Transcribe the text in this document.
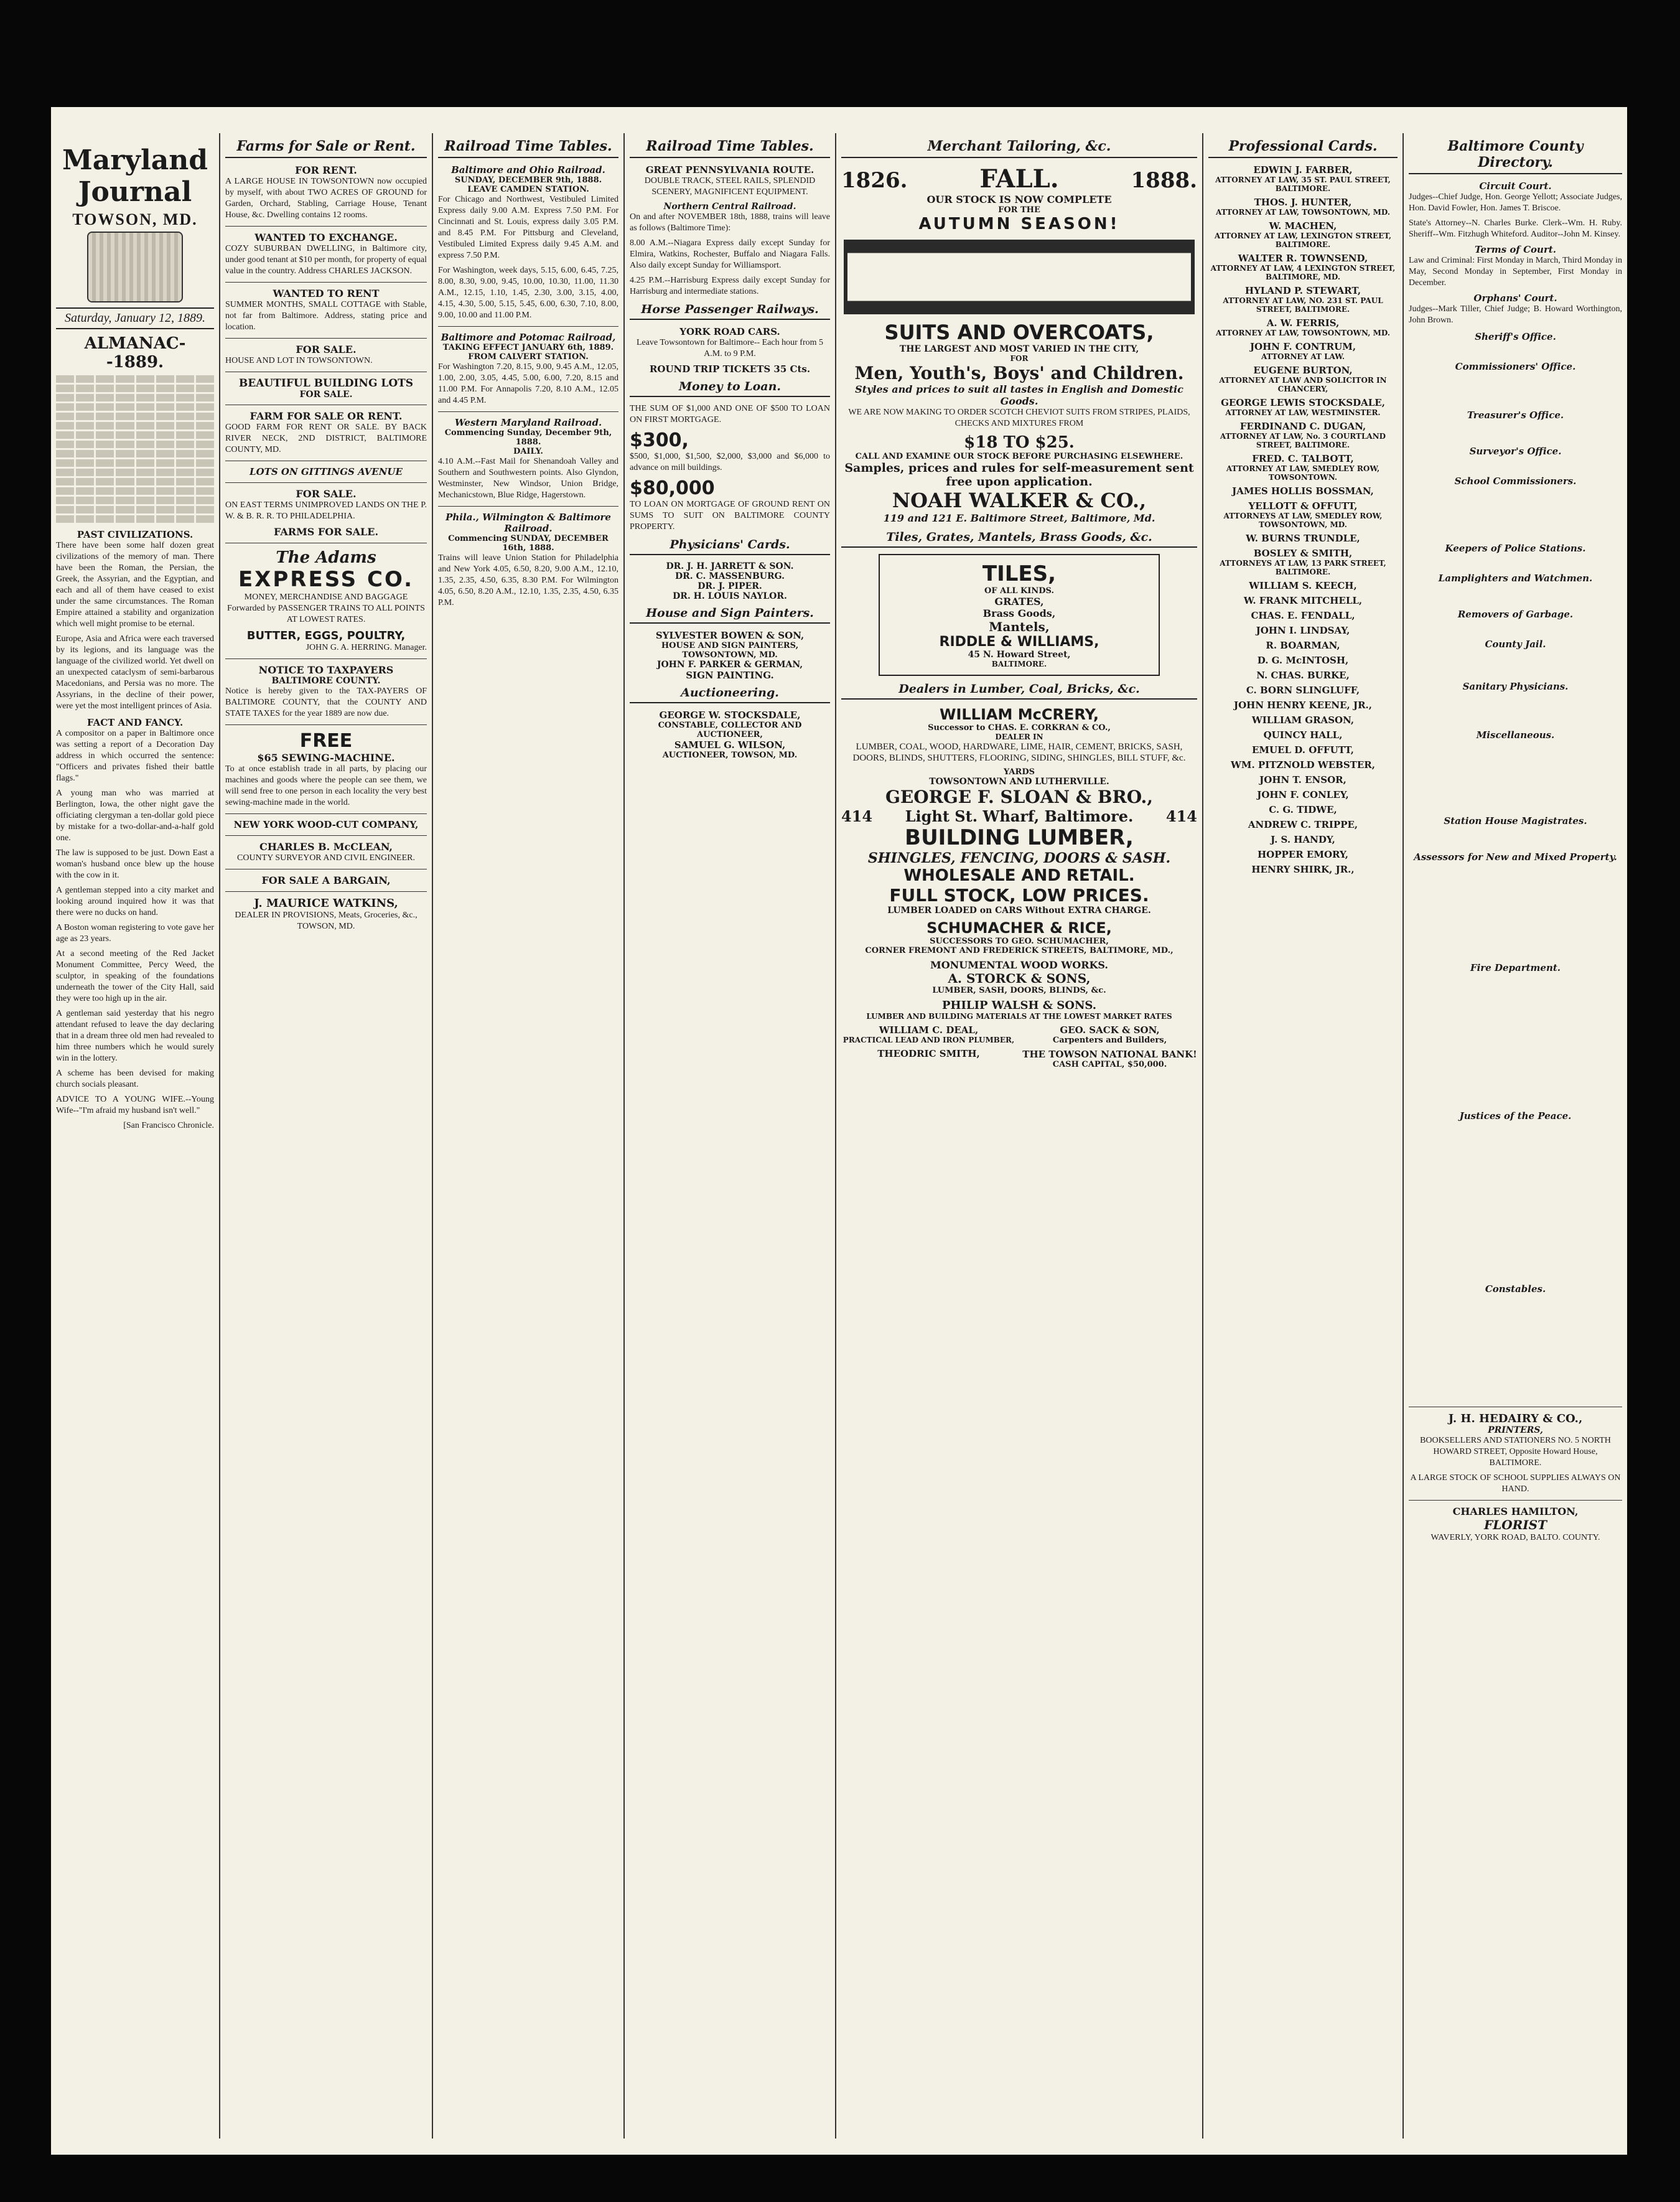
Maryland Journal
TOWSON, MD.
Saturday, January 12, 1889.
ALMANAC--1889.
PAST CIVILIZATIONS.

There have been some half dozen great civilizations of the memory of man. There have been the Roman, the Persian, the Greek, the Assyrian, and the Egyptian, and each and all of them have ceased to exist under the same circumstances. The Roman Empire attained a stability and organization which well might promise to be eternal.

Europe, Asia and Africa were each traversed by its legions, and its language was the language of the civilized world. Yet dwell on an unexpected cataclysm of semi-barbarous Macedonians, and Persia was no more. The Assyrians, in the decline of their power, were yet the most intelligent princes of Asia.

FACT AND FANCY.

A compositor on a paper in Baltimore once was setting a report of a Decoration Day address in which occurred the sentence: "Officers and privates fished their battle flags."

A young man who was married at Berlington, Iowa, the other night gave the officiating clergyman a ten-dollar gold piece by mistake for a two-dollar-and-a-half gold one.

The law is supposed to be just. Down East a woman's husband once blew up the house with the cow in it.

A gentleman stepped into a city market and looking around inquired how it was that there were no ducks on hand.

A Boston woman registering to vote gave her age as 23 years.

At a second meeting of the Red Jacket Monument Committee, Percy Weed, the sculptor, in speaking of the foundations underneath the tower of the City Hall, said they were too high up in the air.

A gentleman said yesterday that his negro attendant refused to leave the day declaring that in a dream three old men had revealed to him three numbers which he would surely win in the lottery.

A scheme has been devised for making church socials pleasant.

ADVICE TO A YOUNG WIFE.--Young Wife--"I'm afraid my husband isn't well."

[San Francisco Chronicle.

Farms for Sale or Rent.
FOR RENT.

A LARGE HOUSE IN TOWSONTOWN now occupied by myself, with about TWO ACRES OF GROUND for Garden, Orchard, Stabling, Carriage House, Tenant House, &c. Dwelling contains 12 rooms.

WANTED TO EXCHANGE.

COZY SUBURBAN DWELLING, in Baltimore city, under good tenant at $10 per month, for property of equal value in the country. Address CHARLES JACKSON.

WANTED TO RENT

SUMMER MONTHS, SMALL COTTAGE with Stable, not far from Baltimore. Address, stating price and location.

FOR SALE.

HOUSE AND LOT IN TOWSONTOWN.

BEAUTIFUL BUILDING LOTS
FOR SALE.
FARM FOR SALE OR RENT.

GOOD FARM FOR RENT OR SALE. BY BACK RIVER NECK, 2ND DISTRICT, BALTIMORE COUNTY, MD.

LOTS ON GITTINGS AVENUE
FOR SALE.

ON EAST TERMS UNIMPROVED LANDS ON THE P. W. & B. R. R. TO PHILADELPHIA.

FARMS FOR SALE.
The Adams
EXPRESS CO.

MONEY, MERCHANDISE AND BAGGAGE Forwarded by PASSENGER TRAINS TO ALL POINTS AT LOWEST RATES.

BUTTER, EGGS, POULTRY,

JOHN G. A. HERRING. Manager.

NOTICE TO TAXPAYERS
BALTIMORE COUNTY.

Notice is hereby given to the TAX-PAYERS OF BALTIMORE COUNTY, that the COUNTY AND STATE TAXES for the year 1889 are now due.

FREE
$65 SEWING-MACHINE.

To at once establish trade in all parts, by placing our machines and goods where the people can see them, we will send free to one person in each locality the very best sewing-machine made in the world.

NEW YORK WOOD-CUT COMPANY,
CHARLES B. McCLEAN,

COUNTY SURVEYOR AND CIVIL ENGINEER.

FOR SALE A BARGAIN,
J. MAURICE WATKINS,

DEALER IN PROVISIONS, Meats, Groceries, &c., TOWSON, MD.

Railroad Time Tables.
Baltimore and Ohio Railroad.
SUNDAY, DECEMBER 9th, 1888.
LEAVE CAMDEN STATION.

For Chicago and Northwest, Vestibuled Limited Express daily 9.00 A.M. Express 7.50 P.M. For Cincinnati and St. Louis, express daily 3.05 P.M. and 8.45 P.M. For Pittsburg and Cleveland, Vestibuled Limited Express daily 9.45 A.M. and express 7.50 P.M.

For Washington, week days, 5.15, 6.00, 6.45, 7.25, 8.00, 8.30, 9.00, 9.45, 10.00, 10.30, 11.00, 11.30 A.M., 12.15, 1.10, 1.45, 2.30, 3.00, 3.15, 4.00, 4.15, 4.30, 5.00, 5.15, 5.45, 6.00, 6.30, 7.10, 8.00, 9.00, 10.00 and 11.00 P.M.

Baltimore and Potomac Railroad,
TAKING EFFECT JANUARY 6th, 1889.
FROM CALVERT STATION.

For Washington 7.20, 8.15, 9.00, 9.45 A.M., 12.05, 1.00, 2.00, 3.05, 4.45, 5.00, 6.00, 7.20, 8.15 and 11.00 P.M. For Annapolis 7.20, 8.10 A.M., 12.05 and 4.45 P.M.

Western Maryland Railroad.
Commencing Sunday, December 9th, 1888.
DAILY.

4.10 A.M.--Fast Mail for Shenandoah Valley and Southern and Southwestern points. Also Glyndon, Westminster, New Windsor, Union Bridge, Mechanicstown, Blue Ridge, Hagerstown.

Phila., Wilmington & Baltimore Railroad.
Commencing SUNDAY, DECEMBER 16th, 1888.

Trains will leave Union Station for Philadelphia and New York 4.05, 6.50, 8.20, 9.00 A.M., 12.10, 1.35, 2.35, 4.50, 6.35, 8.30 P.M. For Wilmington 4.05, 6.50, 8.20 A.M., 12.10, 1.35, 2.35, 4.50, 6.35 P.M.

Railroad Time Tables.
GREAT PENNSYLVANIA ROUTE.

DOUBLE TRACK, STEEL RAILS, SPLENDID SCENERY, MAGNIFICENT EQUIPMENT.

Northern Central Railroad.

On and after NOVEMBER 18th, 1888, trains will leave as follows (Baltimore Time):

8.00 A.M.--Niagara Express daily except Sunday for Elmira, Watkins, Rochester, Buffalo and Niagara Falls. Also daily except Sunday for Williamsport.

4.25 P.M.--Harrisburg Express daily except Sunday for Harrisburg and intermediate stations.

Horse Passenger Railways.
YORK ROAD CARS.

Leave Towsontown for Baltimore-- Each hour from 5 A.M. to 9 P.M.

ROUND TRIP TICKETS 35 Cts.
Money to Loan.

THE SUM OF $1,000 AND ONE OF $500 TO LOAN ON FIRST MORTGAGE.

$300,

$500, $1,000, $1,500, $2,000, $3,000 and $6,000 to advance on mill buildings.

$80,000

TO LOAN ON MORTGAGE OF GROUND RENT ON SUMS TO SUIT ON BALTIMORE COUNTY PROPERTY.

Physicians' Cards.
DR. J. H. JARRETT & SON.
DR. C. MASSENBURG.
DR. J. PIPER.
DR. H. LOUIS NAYLOR.
House and Sign Painters.
SYLVESTER BOWEN & SON,
HOUSE AND SIGN PAINTERS, TOWSONTOWN, MD.
JOHN F. PARKER & GERMAN,
SIGN PAINTING.
Auctioneering.
GEORGE W. STOCKSDALE,
CONSTABLE, COLLECTOR AND AUCTIONEER,
SAMUEL G. WILSON,
AUCTIONEER, TOWSON, MD.
Merchant Tailoring, &c.
1826.	FALL.	1888.
OUR STOCK IS NOW COMPLETE
FOR THE
AUTUMN SEASON!
SUITS AND OVERCOATS,
THE LARGEST AND MOST VARIED IN THE CITY,
FOR
Men, Youth's, Boys' and Children.
Styles and prices to suit all tastes in English and Domestic Goods.

WE ARE NOW MAKING TO ORDER SCOTCH CHEVIOT SUITS FROM STRIPES, PLAIDS, CHECKS AND MIXTURES FROM

$18 TO $25.
CALL AND EXAMINE OUR STOCK BEFORE PURCHASING ELSEWHERE.
Samples, prices and rules for self-measurement sent free upon application.
NOAH WALKER & CO.,
119 and 121 E. Baltimore Street, Baltimore, Md.
Tiles, Grates, Mantels, Brass Goods, &c.
TILES,
OF ALL KINDS.
GRATES,
Brass Goods,
Mantels,
RIDDLE & WILLIAMS,
45 N. Howard Street,
BALTIMORE.
Dealers in Lumber, Coal, Bricks, &c.
WILLIAM McCRERY,
Successor to CHAS. E. CORKRAN & CO.,
DEALER IN

LUMBER, COAL, WOOD, HARDWARE, LIME, HAIR, CEMENT, BRICKS, SASH, DOORS, BLINDS, SHUTTERS, FLOORING, SIDING, SHINGLES, BILL STUFF, &c.

YARDS
TOWSONTOWN AND LUTHERVILLE.
GEORGE F. SLOAN & BRO.,
414 Light St. Wharf, Baltimore. 414
BUILDING LUMBER,
SHINGLES, FENCING, DOORS & SASH.
WHOLESALE AND RETAIL.
FULL STOCK, LOW PRICES.
LUMBER LOADED on CARS Without EXTRA CHARGE.
SCHUMACHER & RICE,
SUCCESSORS TO GEO. SCHUMACHER,
CORNER FREMONT AND FREDERICK STREETS, BALTIMORE, MD.,
MONUMENTAL WOOD WORKS.
A. STORCK & SONS,
LUMBER, SASH, DOORS, BLINDS, &c.
PHILIP WALSH & SONS.
LUMBER AND BUILDING MATERIALS AT THE LOWEST MARKET RATES
WILLIAM C. DEAL,
PRACTICAL LEAD AND IRON PLUMBER,
THEODRIC SMITH,
GEO. SACK & SON,
Carpenters and Builders,
THE TOWSON NATIONAL BANK!
CASH CAPITAL, $50,000.
Professional Cards.
EDWIN J. FARBER,
ATTORNEY AT LAW, 35 ST. PAUL STREET, BALTIMORE.
THOS. J. HUNTER,
ATTORNEY AT LAW, TOWSONTOWN, MD.
W. MACHEN,
ATTORNEY AT LAW, LEXINGTON STREET, BALTIMORE.
WALTER R. TOWNSEND,
ATTORNEY AT LAW, 4 LEXINGTON STREET, BALTIMORE, MD.
HYLAND P. STEWART,
ATTORNEY AT LAW, NO. 231 ST. PAUL STREET, BALTIMORE.
A. W. FERRIS,
ATTORNEY AT LAW, TOWSONTOWN, MD.
JOHN F. CONTRUM,
ATTORNEY AT LAW.
EUGENE BURTON,
ATTORNEY AT LAW AND SOLICITOR IN CHANCERY,
GEORGE LEWIS STOCKSDALE,
ATTORNEY AT LAW, WESTMINSTER.
FERDINAND C. DUGAN,
ATTORNEY AT LAW, No. 3 COURTLAND STREET, BALTIMORE.
FRED. C. TALBOTT,
ATTORNEY AT LAW, SMEDLEY ROW, TOWSONTOWN.
JAMES HOLLIS BOSSMAN,
YELLOTT & OFFUTT,
ATTORNEYS AT LAW, SMEDLEY ROW, TOWSONTOWN, MD.
W. BURNS TRUNDLE,
BOSLEY & SMITH,
ATTORNEYS AT LAW, 13 PARK STREET, BALTIMORE.
WILLIAM S. KEECH,
W. FRANK MITCHELL,
CHAS. E. FENDALL,
JOHN I. LINDSAY,
R. BOARMAN,
D. G. McINTOSH,
N. CHAS. BURKE,
C. BORN SLINGLUFF,
JOHN HENRY KEENE, JR.,
WILLIAM GRASON,
QUINCY HALL,
EMUEL D. OFFUTT,
WM. PITZNOLD WEBSTER,
JOHN T. ENSOR,
JOHN F. CONLEY,
C. G. TIDWE,
ANDREW C. TRIPPE,
J. S. HANDY,
HOPPER EMORY,
HENRY SHIRK, JR.,
Baltimore County Directory.
Circuit Court.

Judges--Chief Judge, Hon. George Yellott; Associate Judges, Hon. David Fowler, Hon. James T. Briscoe.

State's Attorney--N. Charles Burke. Clerk--Wm. H. Ruby. Sheriff--Wm. Fitzhugh Whiteford. Auditor--John M. Kinsey.

Terms of Court.

Law and Criminal: First Monday in March, Third Monday in May, Second Monday in September, First Monday in December.

Orphans' Court.

Judges--Mark Tiller, Chief Judge; B. Howard Worthington, John Brown.

Sheriff's Office.
Commissioners' Office.
Treasurer's Office.
Surveyor's Office.
School Commissioners.
Keepers of Police Stations.
Lamplighters and Watchmen.
Removers of Garbage.
County Jail.
Sanitary Physicians.
Miscellaneous.
Station House Magistrates.
Assessors for New and Mixed Property.
Fire Department.
Justices of the Peace.
Constables.
J. H. HEDAIRY & CO.,
PRINTERS,

BOOKSELLERS AND STATIONERS NO. 5 NORTH HOWARD STREET, Opposite Howard House, BALTIMORE.

A LARGE STOCK OF SCHOOL SUPPLIES ALWAYS ON HAND.

CHARLES HAMILTON,
FLORIST

WAVERLY, YORK ROAD, BALTO. COUNTY.
